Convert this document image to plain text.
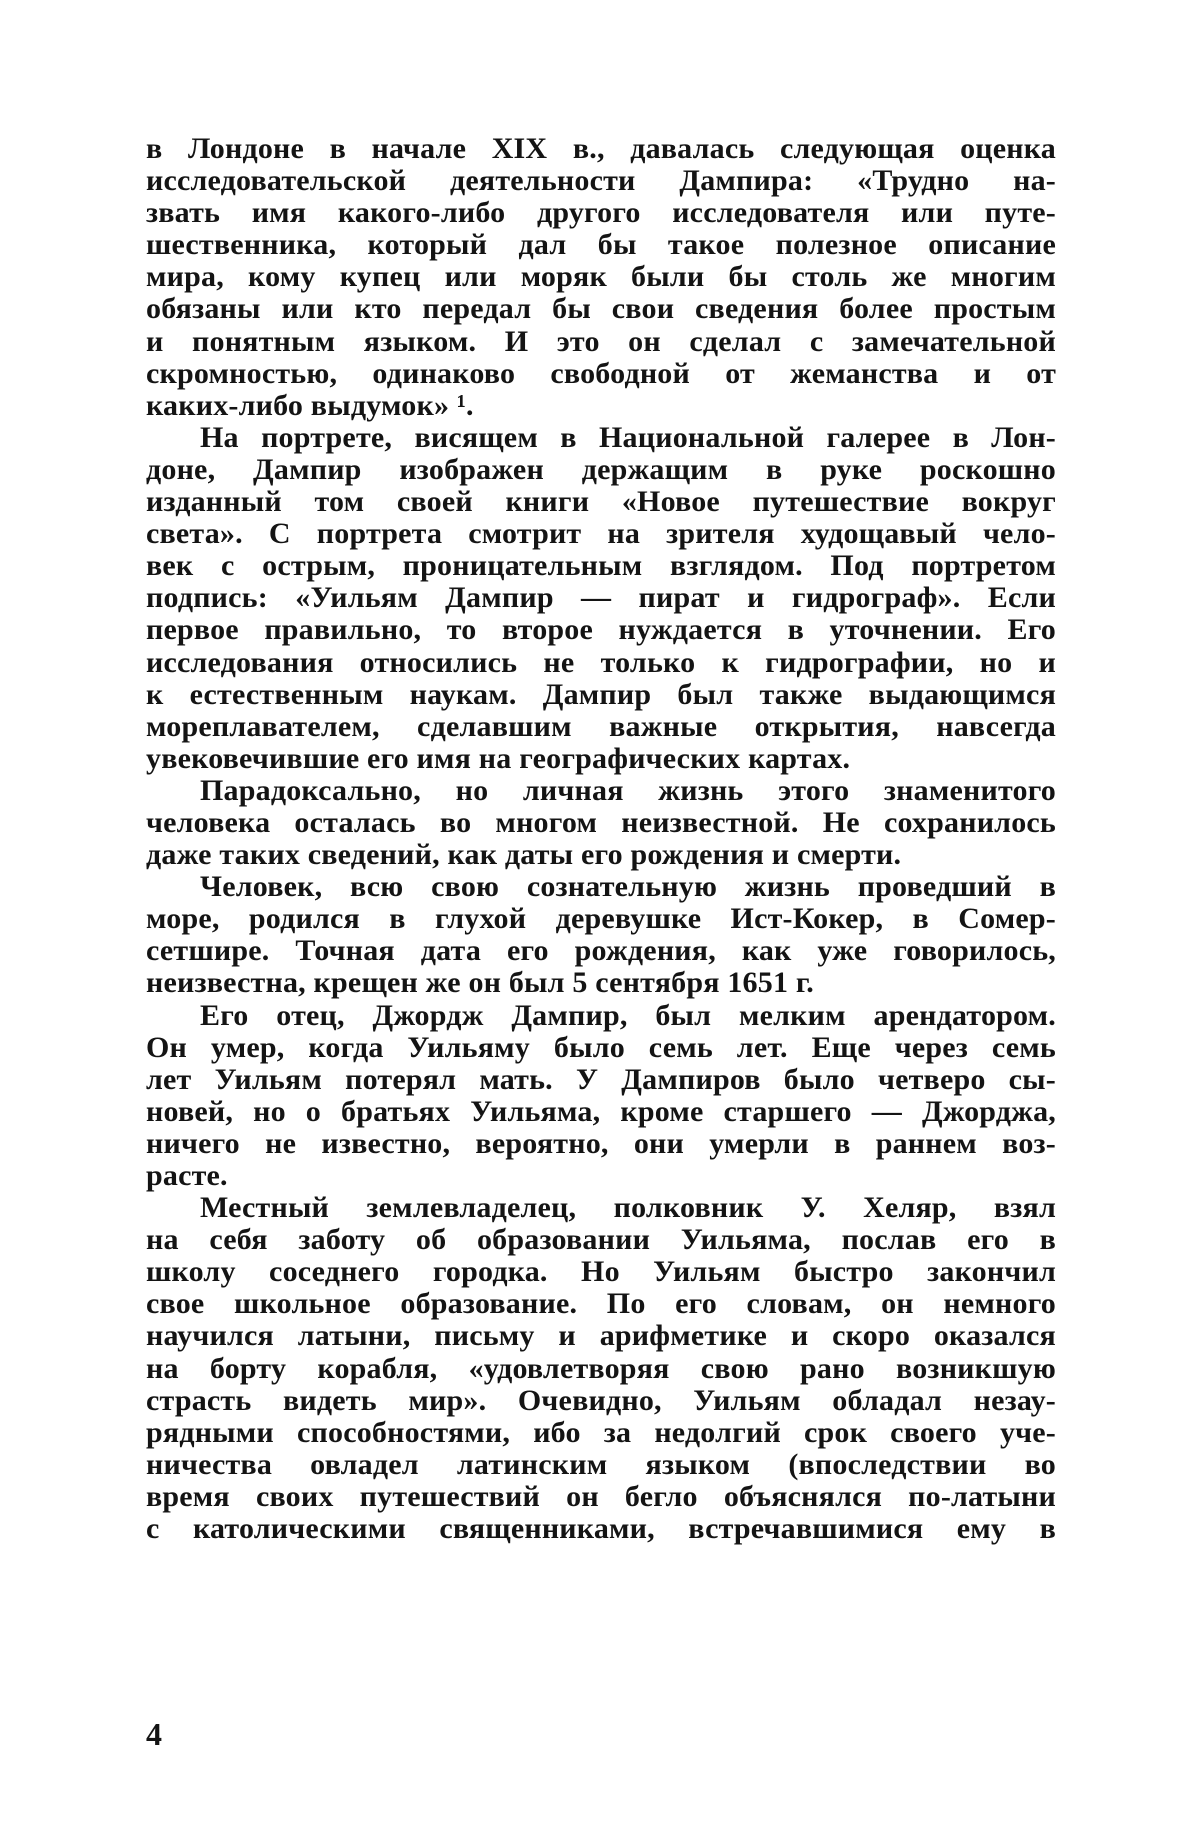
в Лондоне в начале XIX в., давалась следующая оценка
исследовательской деятельности Дампира: «Трудно на-
звать имя какого-либо другого исследователя или путе-
шественника, который дал бы такое полезное описание
мира, кому купец или моряк были бы столь же многим
обязаны или кто передал бы свои сведения более простым
и понятным языком. И это он сделал с замечательной
скромностью, одинаково свободной от жеманства и от
каких-либо выдумок» ¹.
На портрете, висящем в Национальной галерее в Лон-
доне, Дампир изображен держащим в руке роскошно
изданный том своей книги «Новое путешествие вокруг
света». С портрета смотрит на зрителя худощавый чело-
век с острым, проницательным взглядом. Под портретом
подпись: «Уильям Дампир — пират и гидрограф». Если
первое правильно, то второе нуждается в уточнении. Его
исследования относились не только к гидрографии, но и
к естественным наукам. Дампир был также выдающимся
мореплавателем, сделавшим важные открытия, навсегда
увековечившие его имя на географических картах.
Парадоксально, но личная жизнь этого знаменитого
человека осталась во многом неизвестной. Не сохранилось
даже таких сведений, как даты его рождения и смерти.
Человек, всю свою сознательную жизнь проведший в
море, родился в глухой деревушке Ист-Кокер, в Сомер-
сетшире. Точная дата его рождения, как уже говорилось,
неизвестна, крещен же он был 5 сентября 1651 г.
Его отец, Джордж Дампир, был мелким арендатором.
Он умер, когда Уильяму было семь лет. Еще через семь
лет Уильям потерял мать. У Дампиров было четверо сы-
новей, но о братьях Уильяма, кроме старшего — Джорджа,
ничего не известно, вероятно, они умерли в раннем воз-
расте.
Местный землевладелец, полковник У. Хеляр, взял
на себя заботу об образовании Уильяма, послав его в
школу соседнего городка. Но Уильям быстро закончил
свое школьное образование. По его словам, он немного
научился латыни, письму и арифметике и скоро оказался
на борту корабля, «удовлетворяя свою рано возникшую
страсть видеть мир». Очевидно, Уильям обладал незау-
рядными способностями, ибо за недолгий срок своего уче-
ничества овладел латинским языком (впоследствии во
время своих путешествий он бегло объяснялся по-латыни
с католическими священниками, встречавшимися ему в
4
